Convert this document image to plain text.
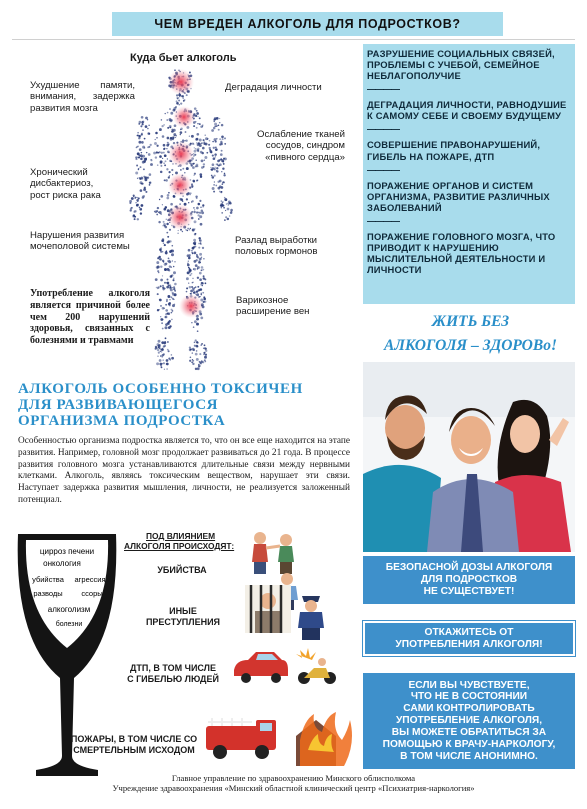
ЧЕМ ВРЕДЕН АЛКОГОЛЬ ДЛЯ ПОДРОСТКОВ?
Куда бьет алкоголь
Ухудшение памяти, внимания, задержка развития мозга
Хронический дисбактериоз, рост риска рака
Нарушения развития мочеполовой системы
Употребление алкоголя является причиной более чем 200 нарушений здоровья, связанных с болезнями и травмами
Деградация личности
Ослабление тканей сосудов, синдром «пивного сердца»
Разлад выработки половых гормонов
Варикозное расширение вен
РАЗРУШЕНИЕ СОЦИАЛЬНЫХ СВЯЗЕЙ, ПРОБЛЕМЫ С УЧЕБОЙ, СЕМЕЙНОЕ НЕБЛАГОПОЛУЧИЕ
————
ДЕГРАДАЦИЯ ЛИЧНОСТИ, РАВНОДУШИЕ К САМОМУ СЕБЕ И СВОЕМУ БУДУЩЕМУ
————
СОВЕРШЕНИЕ ПРАВОНАРУШЕНИЙ, ГИБЕЛЬ НА ПОЖАРЕ, ДТП
————
ПОРАЖЕНИЕ ОРГАНОВ И СИСТЕМ ОРГАНИЗМА, РАЗВИТИЕ РАЗЛИЧНЫХ ЗАБОЛЕВАНИЙ
————
ПОРАЖЕНИЕ ГОЛОВНОГО МОЗГА, ЧТО ПРИВОДИТ К НАРУШЕНИЮ МЫСЛИТЕЛЬНОЙ ДЕЯТЕЛЬНОСТИ И ЛИЧНОСТИ
ЖИТЬ БЕЗ
АЛКОГОЛЯ – ЗДОРОВо!
БЕЗОПАСНОЙ ДОЗЫ АЛКОГОЛЯ
ДЛЯ ПОДРОСТКОВ
НЕ СУЩЕСТВУЕТ!
ОТКАЖИТЕСЬ ОТ
УПОТРЕБЛЕНИЯ АЛКОГОЛЯ!
ЕСЛИ ВЫ ЧУВСТВУЕТЕ,
ЧТО НЕ В СОСТОЯНИИ
САМИ КОНТРОЛИРОВАТЬ
УПОТРЕБЛЕНИЕ АЛКОГОЛЯ,
ВЫ МОЖЕТЕ ОБРАТИТЬСЯ ЗА
ПОМОЩЬЮ К ВРАЧУ-НАРКОЛОГУ,
В ТОМ ЧИСЛЕ АНОНИМНО.
АЛКОГОЛЬ ОСОБЕННО ТОКСИЧЕН
ДЛЯ РАЗВИВАЮЩЕГОСЯ
ОРГАНИЗМА ПОДРОСТКА
Особенностью организма подростка является то, что он все еще находится на этапе развития. Например, головной мозг продолжает развиваться до 21 года. В процессе развития головного мозга устанавливаются длительные связи между нервными клетками. Алкоголь, являясь токсическим веществом, нарушает эти связи. Наступает задержка развития мышления, личности, не реализуется заложенный потенциал.
цирроз печени
онкология
убийства агрессия
разводы ссоры
алкоголизм
болезни
ПОД ВЛИЯНИЕМ
АЛКОГОЛЯ ПРОИСХОДЯТ:
УБИЙСТВА
ИНЫЕ
ПРЕСТУПЛЕНИЯ
ДТП, В ТОМ ЧИСЛЕ
С ГИБЕЛЬЮ ЛЮДЕЙ
ПОЖАРЫ, В ТОМ ЧИСЛЕ СО
СМЕРТЕЛЬНЫМ ИСХОДОМ
Главное управление по здравоохранению Минского облисполкома
Учреждение здравоохранения «Минский областной клинический центр «Психиатрия-наркология»
